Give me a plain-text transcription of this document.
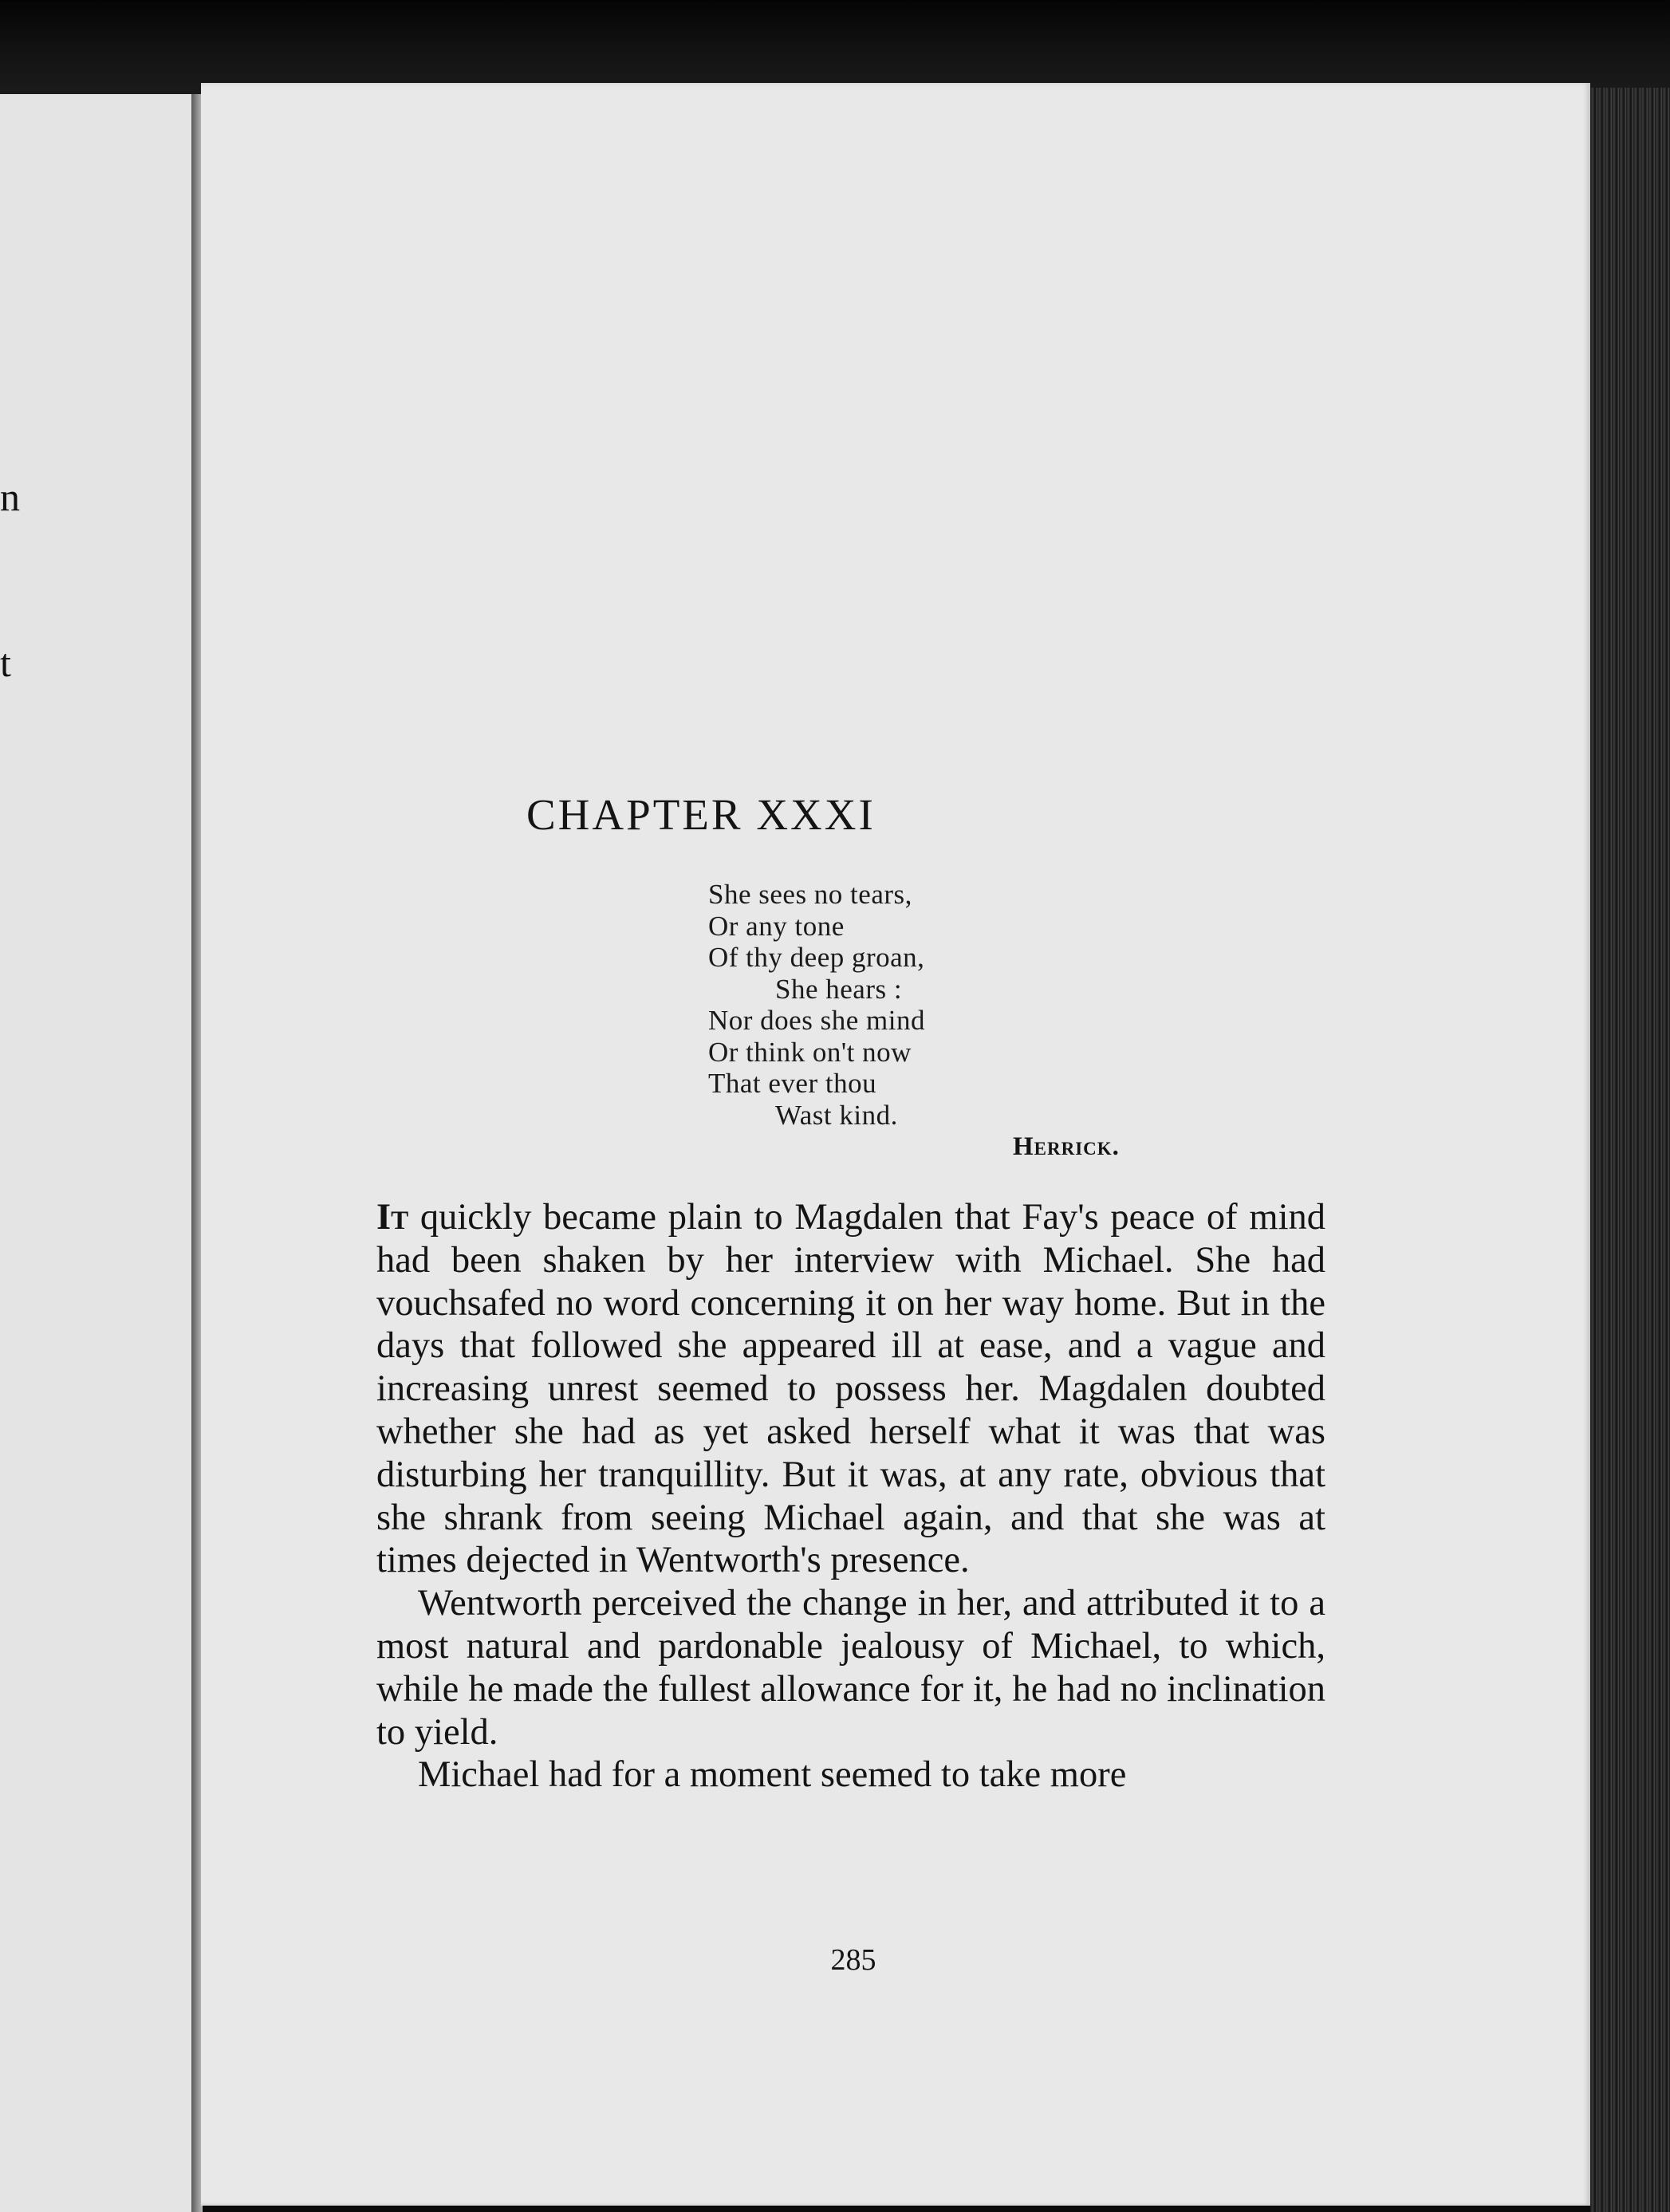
n
t
CHAPTER XXXI
She sees no tears,
Or any tone
Of thy deep groan,
She hears :
Nor does she mind
Or think on't now
That ever thou
Wast kind.
Herrick.

It quickly became plain to Magdalen that Fay's peace of mind had been shaken by her interview with Michael. She had vouchsafed no word concerning it on her way home. But in the days that followed she appeared ill at ease, and a vague and increasing unrest seemed to possess her. Magdalen doubted whether she had as yet asked herself what it was that was disturbing her tranquillity. But it was, at any rate, obvious that she shrank from seeing Michael again, and that she was at times dejected in Wentworth's presence.

Wentworth perceived the change in her, and attributed it to a most natural and pardonable jealousy of Michael, to which, while he made the fullest allowance for it, he had no inclination to yield.

Michael had for a moment seemed to take more

285
